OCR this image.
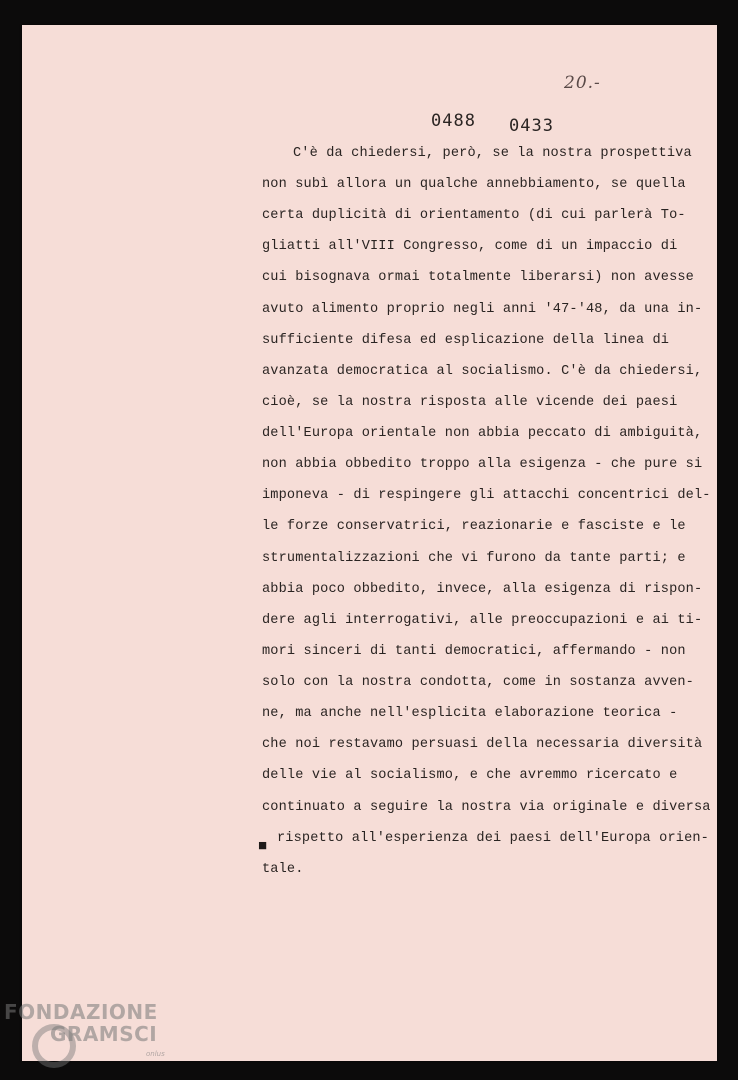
20.-
0488 0433
C'è da chiedersi, però, se la nostra prospettiva
non subì allora un qualche annebbiamento, se quella
certa duplicità di orientamento (di cui parlerà To-
gliatti all'VIII Congresso, come di un impaccio di
cui bisognava ormai totalmente liberarsi) non avesse
avuto alimento proprio negli anni '47-'48, da una in-
sufficiente difesa ed esplicazione della linea di
avanzata democratica al socialismo. C'è da chiedersi,
cioè, se la nostra risposta alle vicende dei paesi
dell'Europa orientale non abbia peccato di ambiguità,
non abbia obbedito troppo alla esigenza - che pure si
imponeva - di respingere gli attacchi concentrici del-
le forze conservatrici, reazionarie e fasciste e le
strumentalizzazioni che vi furono da tante parti; e
abbia poco obbedito, invece, alla esigenza di rispon-
dere agli interrogativi, alle preoccupazioni e ai ti-
mori sinceri di tanti democratici, affermando - non
solo con la nostra condotta, come in sostanza avven-
ne, ma anche nell'esplicita elaborazione teorica -
che noi restavamo persuasi della necessaria diversità
delle vie al socialismo, e che avremmo ricercato e
continuato a seguire la nostra via originale e diversa
■ rispetto all'esperienza dei paesi dell'Europa orien-
tale.
FONDAZIONE
GRAMSCI
onlus
